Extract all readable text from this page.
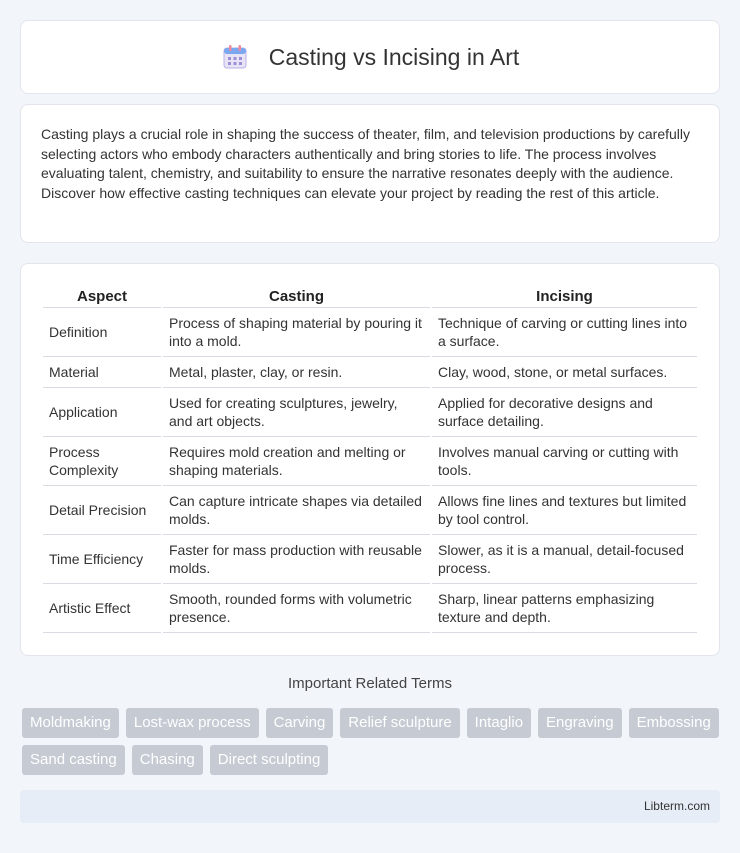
Casting vs Incising in Art

Casting plays a crucial role in shaping the success of theater, film, and television productions by carefully selecting actors who embody characters authentically and bring stories to life. The process involves evaluating talent, chemistry, and suitability to ensure the narrative resonates deeply with the audience. Discover how effective casting techniques can elevate your project by reading the rest of this article.

Aspect	Casting	Incising
Definition	Process of shaping material by pouring it into a mold.	Technique of carving or cutting lines into a surface.
Material	Metal, plaster, clay, or resin.	Clay, wood, stone, or metal surfaces.
Application	Used for creating sculptures, jewelry, and art objects.	Applied for decorative designs and surface detailing.
Process Complexity	Requires mold creation and melting or shaping materials.	Involves manual carving or cutting with tools.
Detail Precision	Can capture intricate shapes via detailed molds.	Allows fine lines and textures but limited by tool control.
Time Efficiency	Faster for mass production with reusable molds.	Slower, as it is a manual, detail-focused process.
Artistic Effect	Smooth, rounded forms with volumetric presence.	Sharp, linear patterns emphasizing texture and depth.
Important Related Terms
Moldmaking	Lost-wax process	Carving	Relief sculpture	Intaglio	Engraving	Embossing
Sand casting	Chasing	Direct sculpting
Libterm.com
